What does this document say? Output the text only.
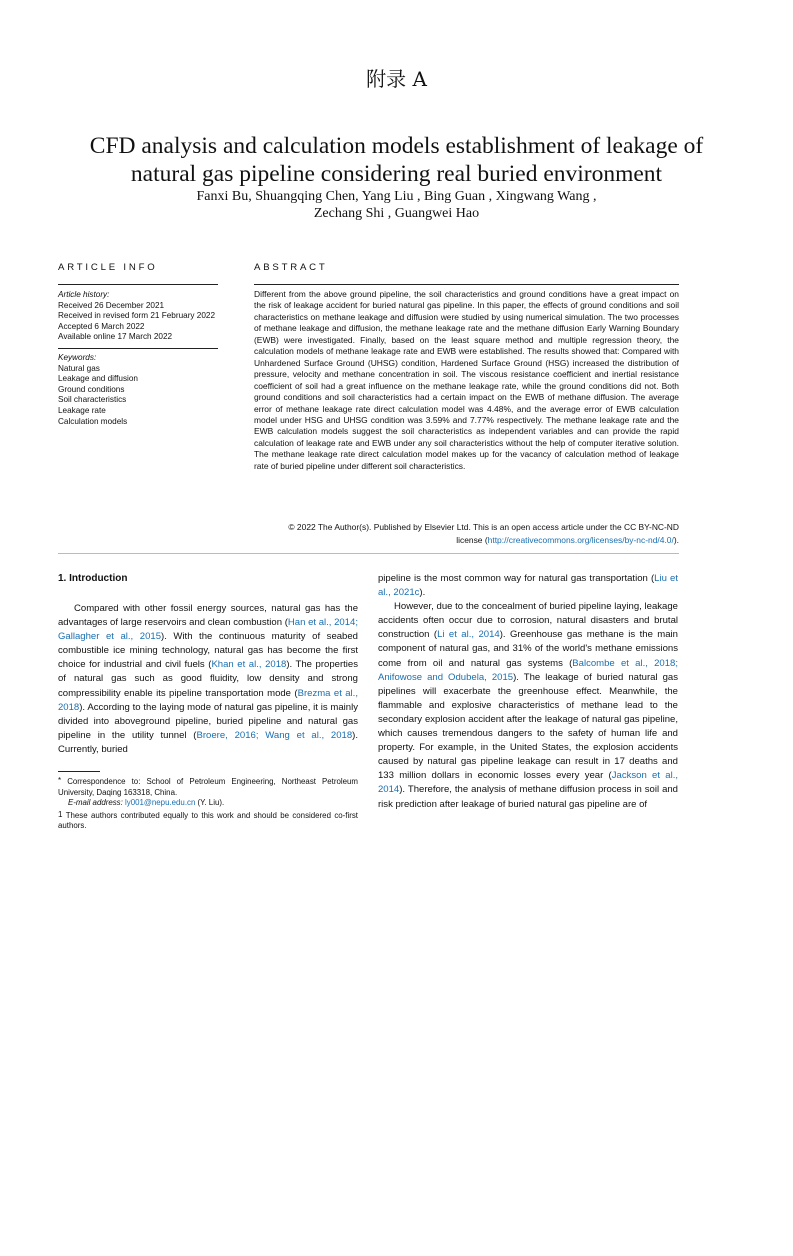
附录 A
CFD analysis and calculation models establishment of leakage of natural gas pipeline considering real buried environment
Fanxi Bu, Shuangqing Chen, Yang Liu , Bing Guan , Xingwang Wang ,
Zechang Shi , Guangwei Hao
ARTICLE INFO
Article history:
Received 26 December 2021
Received in revised form 21 February 2022
Accepted 6 March 2022
Available online 17 March 2022
Keywords:
Natural gas
Leakage and diffusion
Ground conditions
Soil characteristics
Leakage rate
Calculation models
ABSTRACT
Different from the above ground pipeline, the soil characteristics and ground conditions have a great impact on the risk of leakage accident for buried natural gas pipeline. In this paper, the effects of ground conditions and soil characteristics on methane leakage and diffusion were studied by using numerical simulation. The two processes of methane leakage and diffusion, the methane leakage rate and the methane diffusion Early Warning Boundary (EWB) were investigated. Finally, based on the least square method and multiple regression theory, the calculation models of methane leakage rate and EWB were established. The results showed that: Compared with Unhardened Surface Ground (UHSG) condition, Hardened Surface Ground (HSG) increased the distribution of pressure, velocity and methane concentration in soil. The viscous resistance coefficient and inertial resistance coefficient of soil had a great influence on the methane leakage rate, while the ground conditions did not. Both ground conditions and soil characteristics had a certain impact on the EWB of methane diffusion. The average error of methane leakage rate direct calculation model was 4.48%, and the average error of EWB calculation model under HSG and UHSG condition was 3.59% and 7.77% respectively. The methane leakage rate and the EWB calculation models suggest the soil characteristics as independent variables and can provide the rapid calculation of leakage rate and EWB under any soil characteristics without the help of computer iterative solution. The methane leakage rate direct calculation model makes up for the vacancy of calculation method of leakage rate of buried pipeline under different soil characteristics.
© 2022 The Author(s). Published by Elsevier Ltd. This is an open access article under the CC BY-NC-ND
license (http://creativecommons.org/licenses/by-nc-nd/4.0/).
1. Introduction
Compared with other fossil energy sources, natural gas has the advantages of large reservoirs and clean combustion (Han et al., 2014; Gallagher et al., 2015). With the continuous maturity of seabed combustible ice mining technology, natural gas has become the first choice for industrial and civil fuels (Khan et al., 2018). The properties of natural gas such as good fluidity, low density and strong compressibility enable its pipeline transportation mode (Brezma et al., 2018). According to the laying mode of natural gas pipeline, it is mainly divided into aboveground pipeline, buried pipeline and natural gas pipeline in the utility tunnel (Broere, 2016; Wang et al., 2018). Currently, buried
pipeline is the most common way for natural gas transportation (Liu et al., 2021c).
However, due to the concealment of buried pipeline laying, leakage accidents often occur due to corrosion, natural disasters and brutal construction (Li et al., 2014). Greenhouse gas methane is the main component of natural gas, and 31% of the world's methane emissions come from oil and natural gas systems (Balcombe et al., 2018; Anifowose and Odubela, 2015). The leakage of buried natural gas pipelines will exacerbate the greenhouse effect. Meanwhile, the flammable and explosive characteristics of methane lead to the secondary explosion accident after the leakage of natural gas pipeline, which causes tremendous dangers to the safety of human life and property. For example, in the United States, the explosion accidents caused by natural gas pipeline leakage can result in 17 deaths and 133 million dollars in economic losses every year (Jackson et al., 2014). Therefore, the analysis of methane diffusion process in soil and risk prediction after leakage of buried natural gas pipeline are of
* Correspondence to: School of Petroleum Engineering, Northeast Petroleum University, Daqing 163318, China.
E-mail address: ly001@nepu.edu.cn (Y. Liu).
1 These authors contributed equally to this work and should be considered co-first authors.
